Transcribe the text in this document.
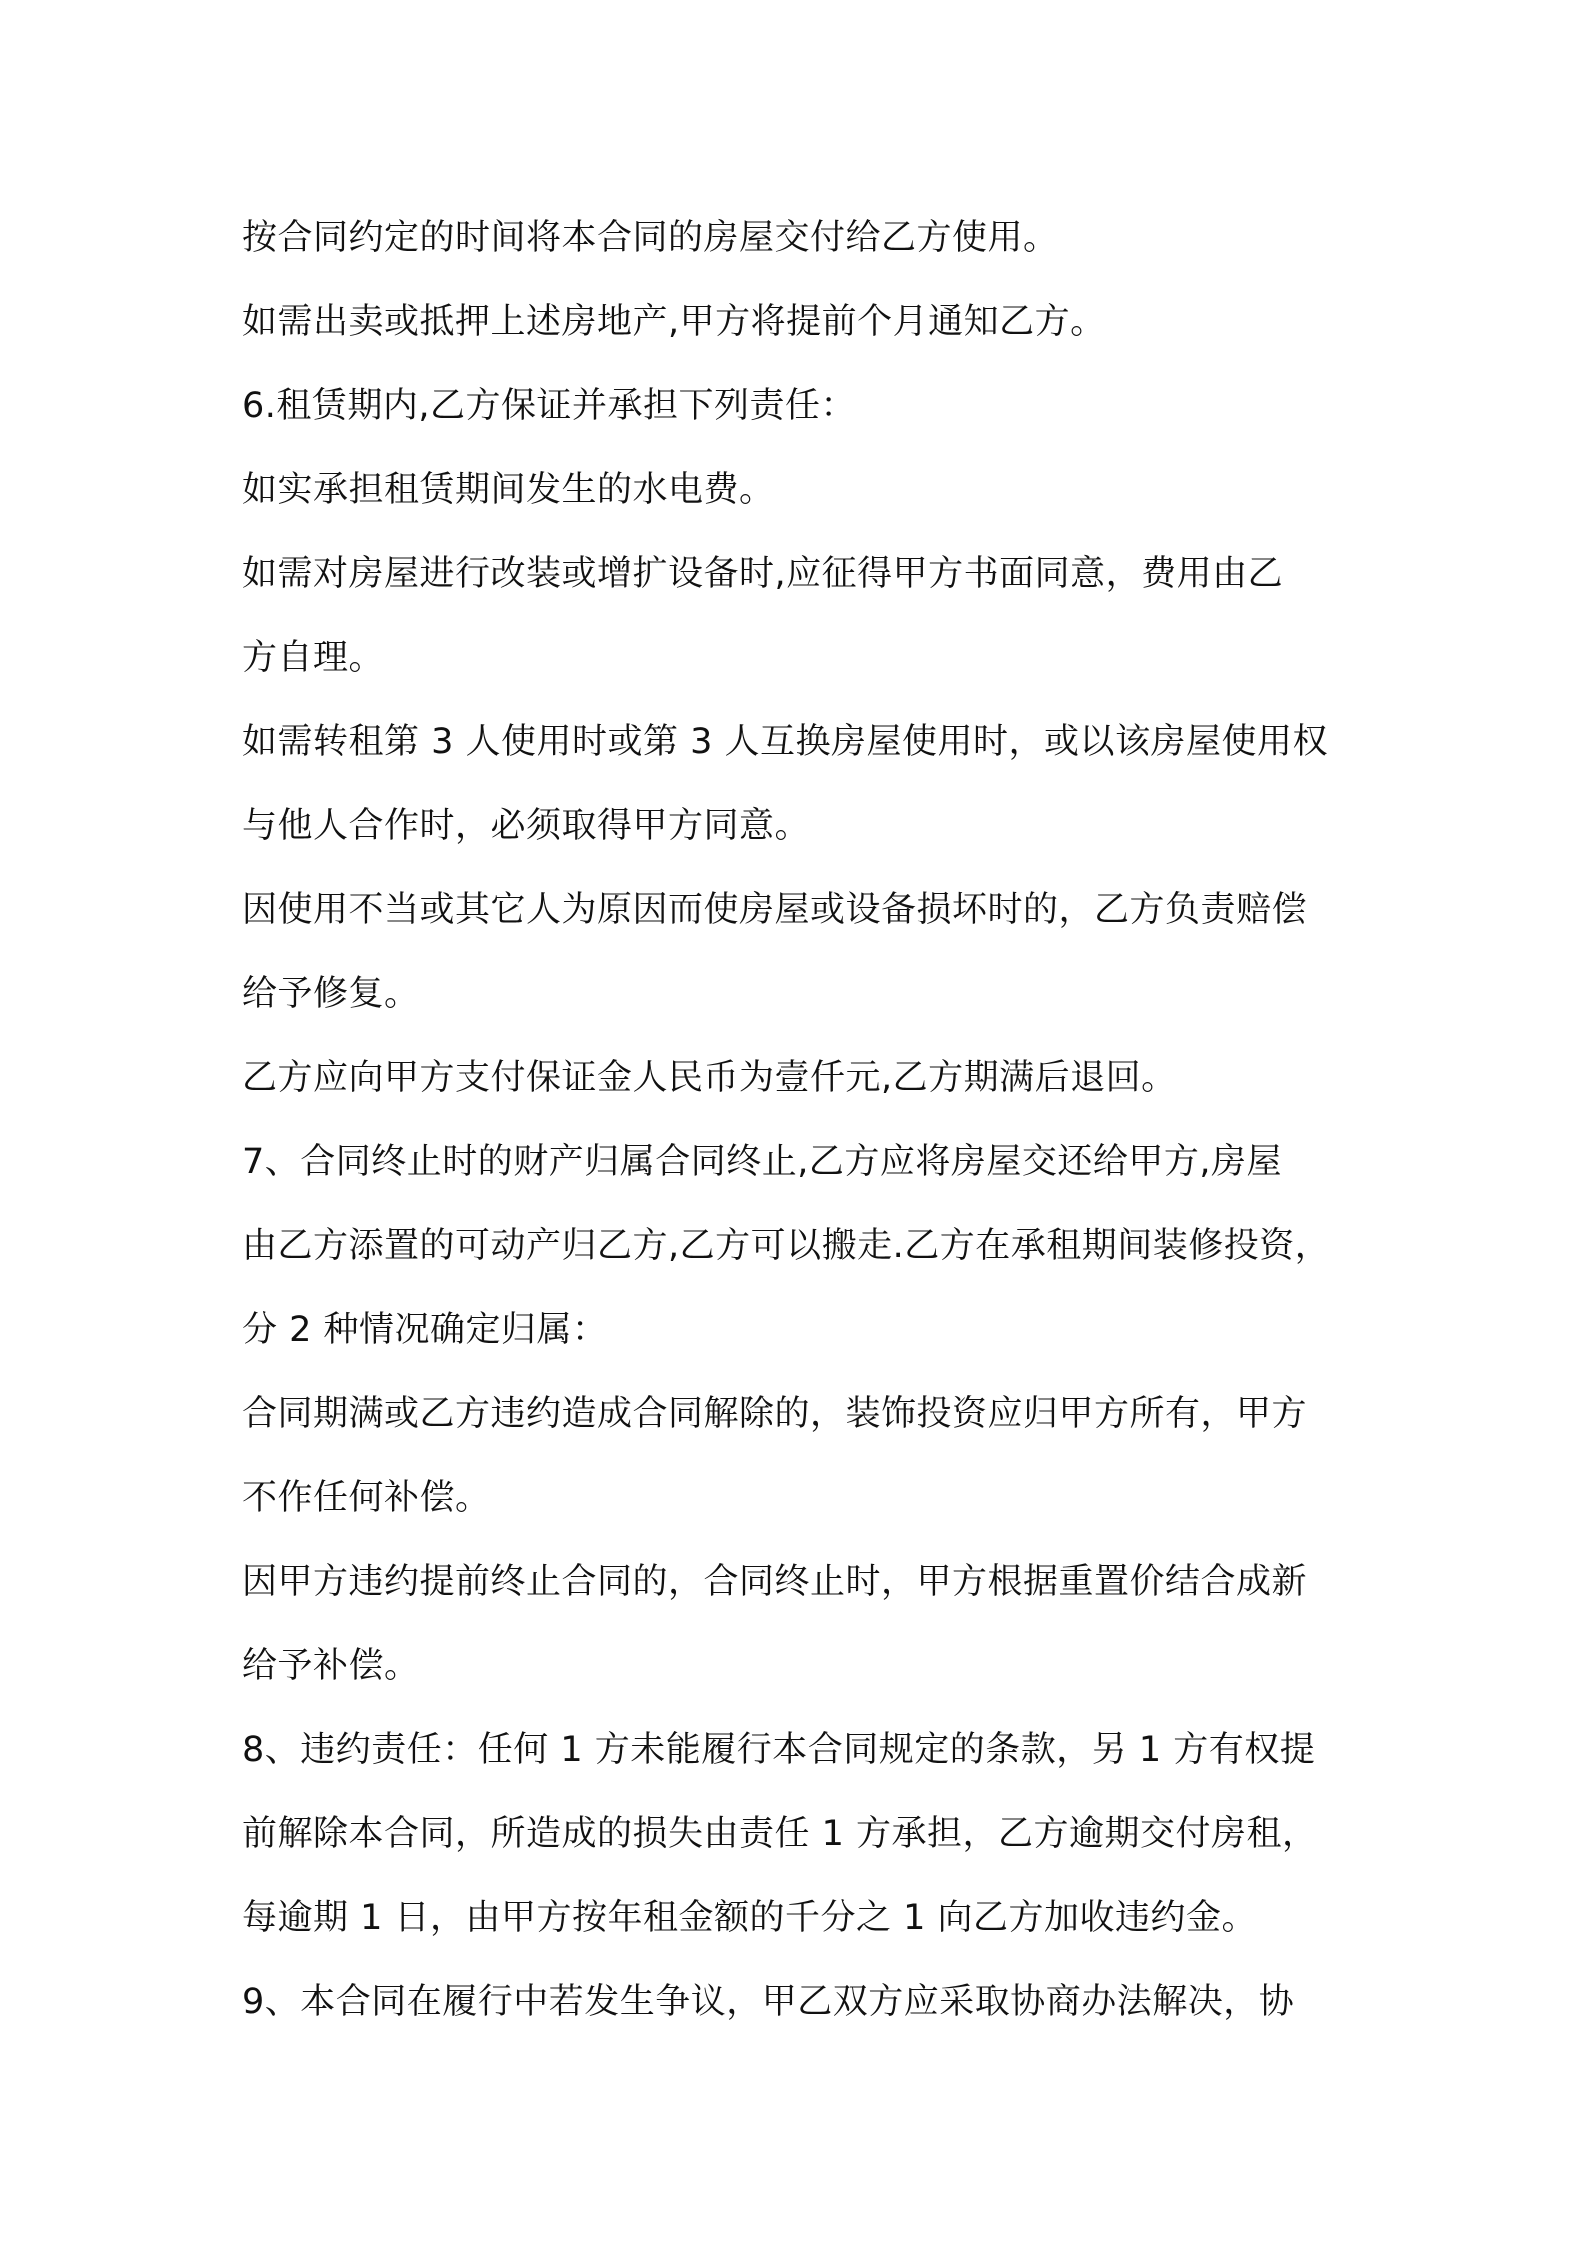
按合同约定的时间将本合同的房屋交付给乙方使用。
如需出卖或抵押上述房地产,甲方将提前个月通知乙方。
6.租赁期内,乙方保证并承担下列责任：
如实承担租赁期间发生的水电费。
如需对房屋进行改装或增扩设备时,应征得甲方书面同意，费用由乙
方自理。
如需转租第 3 人使用时或第 3 人互换房屋使用时，或以该房屋使用权
与他人合作时，必须取得甲方同意。
因使用不当或其它人为原因而使房屋或设备损坏时的，乙方负责赔偿
给予修复。
乙方应向甲方支付保证金人民币为壹仟元,乙方期满后退回。
7、合同终止时的财产归属合同终止,乙方应将房屋交还给甲方,房屋
由乙方添置的可动产归乙方,乙方可以搬走.乙方在承租期间装修投资，
分 2 种情况确定归属：
合同期满或乙方违约造成合同解除的，装饰投资应归甲方所有，甲方
不作任何补偿。
因甲方违约提前终止合同的，合同终止时，甲方根据重置价结合成新
给予补偿。
8、违约责任：任何 1 方未能履行本合同规定的条款，另 1 方有权提
前解除本合同，所造成的损失由责任 1 方承担，乙方逾期交付房租，
每逾期 1 日，由甲方按年租金额的千分之 1 向乙方加收违约金。
9、本合同在履行中若发生争议，甲乙双方应采取协商办法解决，协
